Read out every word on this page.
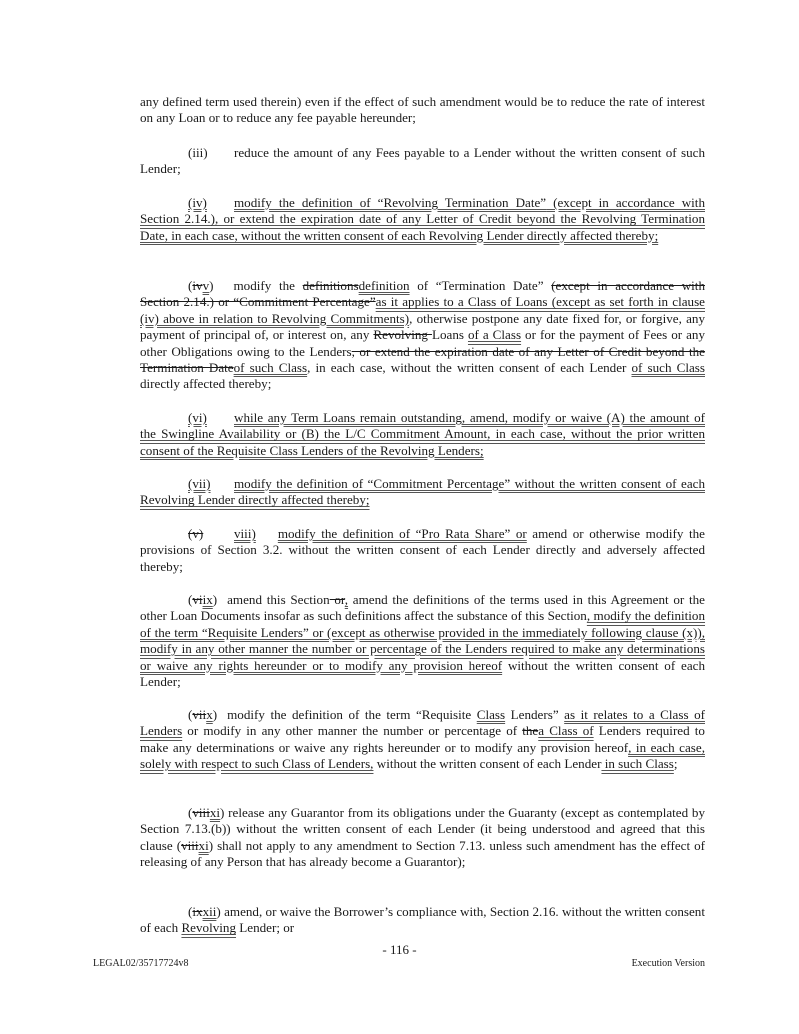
any defined term used therein) even if the effect of such amendment would be to reduce the rate of interest on any Loan or to reduce any fee payable hereunder;

(iii) reduce the amount of any Fees payable to a Lender without the written consent of such Lender;

(iv) modify the definition of “Revolving Termination Date” (except in accordance with Section 2.14.), or extend the expiration date of any Letter of Credit beyond the Revolving Termination Date, in each case, without the written consent of each Revolving Lender directly affected thereby;

(ivv) modify the definitionsdefinition of “Termination Date” (except in accordance with Section 2.14.) or “Commitment Percentage”as it applies to a Class of Loans (except as set forth in clause (iv) above in relation to Revolving Commitments), otherwise postpone any date fixed for, or forgive, any payment of principal of, or interest on, any Revolving Loans of a Class or for the payment of Fees or any other Obligations owing to the Lenders, or extend the expiration date of any Letter of Credit beyond the Termination Dateof such Class, in each case, without the written consent of each Lender of such Class directly affected thereby;

(vi) while any Term Loans remain outstanding, amend, modify or waive (A) the amount of the Swingline Availability or (B) the L/C Commitment Amount, in each case, without the prior written consent of the Requisite Class Lenders of the Revolving Lenders;

(vii) modify the definition of “Commitment Percentage” without the written consent of each Revolving Lender directly affected thereby;

(v) viii) modify the definition of “Pro Rata Share” or amend or otherwise modify the provisions of Section 3.2. without the written consent of each Lender directly and adversely affected thereby;

(viix) amend this Section or, amend the definitions of the terms used in this Agreement or the other Loan Documents insofar as such definitions affect the substance of this Section, modify the definition of the term “Requisite Lenders” or (except as otherwise provided in the immediately following clause (x)), modify in any other manner the number or percentage of the Lenders required to make any determinations or waive any rights hereunder or to modify any provision hereof without the written consent of each Lender;

(viix) modify the definition of the term “Requisite Class Lenders” as it relates to a Class of Lenders or modify in any other manner the number or percentage of thea Class of Lenders required to make any determinations or waive any rights hereunder or to modify any provision hereof, in each case, solely with respect to such Class of Lenders, without the written consent of each Lender in such Class;

(viiixi) release any Guarantor from its obligations under the Guaranty (except as contemplated by Section 7.13.(b)) without the written consent of each Lender (it being understood and agreed that this clause (viiixi) shall not apply to any amendment to Section 7.13. unless such amendment has the effect of releasing of any Person that has already become a Guarantor);

(ixxii) amend, or waive the Borrower’s compliance with, Section 2.16. without the written consent of each Revolving Lender; or

- 116 -
LEGAL02/35717724v8	Execution Version
